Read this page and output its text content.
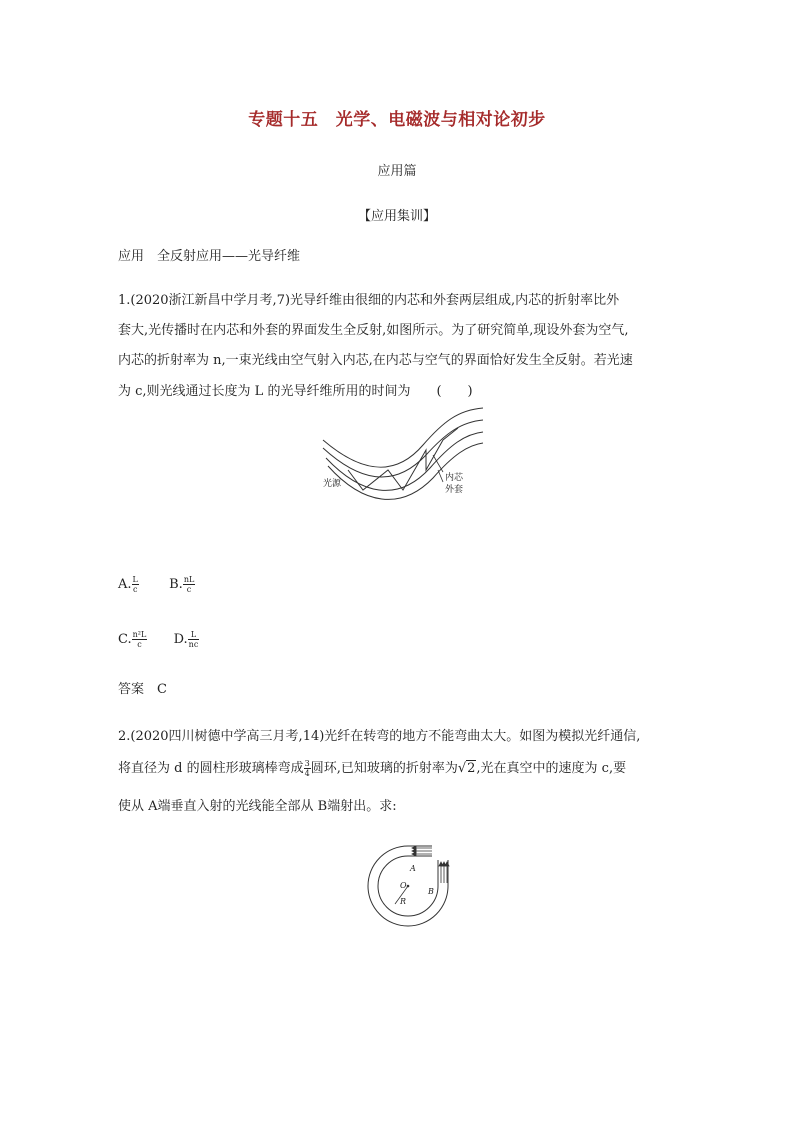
专题十五　光学、电磁波与相对论初步
应用篇
【应用集训】
应用　全反射应用——光导纤维
1.(2020浙江新昌中学月考,7)光导纤维由很细的内芯和外套两层组成,内芯的折射率比外
套大,光传播时在内芯和外套的界面发生全反射,如图所示。为了研究简单,现设外套为空气,
内芯的折射率为 n,一束光线由空气射入内芯,在内芯与空气的界面恰好发生全反射。若光速
为 c,则光线通过长度为 L 的光导纤维所用的时间为　　(　　)
光源
内芯
外套
A. $\frac{L}{c} B$. $\frac{nL}{c}$
C. $\frac{\text{n²L}}{c} D$. $\frac{L}{nc}$
答案　C
2.(2020四川树德中学高三月考,14)光纤在转弯的地方不能弯曲太大。如图为模拟光纤通信,
将直径为 d 的圆柱形玻璃棒弯成 $\frac{3}{4}$ 圆环,已知玻璃的折射率为√2,光在真空中的速度为 c,要
使从 A端垂直入射的光线能全部从 B端射出。求:
A
B
O
R
